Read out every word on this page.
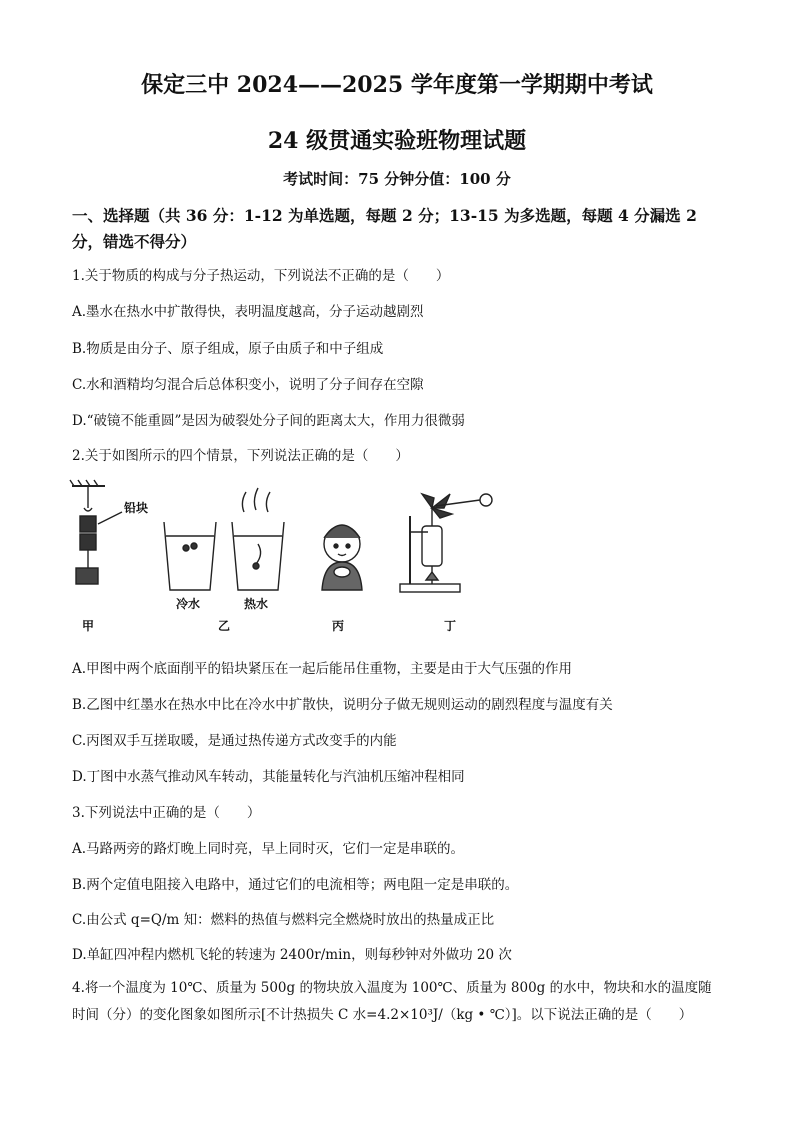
保定三中 2024——2025 学年度第一学期期中考试
24 级贯通实验班物理试题
考试时间：75 分钟分值：100 分
一、选择题（共 36 分：1-12 为单选题，每题 2 分；13-15 为多选题，每题 4 分漏选 2 分，错选不得分）
1.关于物质的构成与分子热运动，下列说法不正确的是（　　）
A.墨水在热水中扩散得快，表明温度越高，分子运动越剧烈
B.物质是由分子、原子组成，原子由质子和中子组成
C.水和酒精均匀混合后总体积变小，说明了分子间存在空隙
D.“破镜不能重圆”是因为破裂处分子间的距离太大，作用力很微弱
2.关于如图所示的四个情景，下列说法正确的是（　　）
铅块
甲
冷水	热水
乙	丙	丁
A.甲图中两个底面削平的铅块紧压在一起后能吊住重物，主要是由于大气压强的作用
B.乙图中红墨水在热水中比在冷水中扩散快，说明分子做无规则运动的剧烈程度与温度有关
C.丙图双手互搓取暖，是通过热传递方式改变手的内能
D.丁图中水蒸气推动风车转动，其能量转化与汽油机压缩冲程相同
3.下列说法中正确的是（　　）
A.马路两旁的路灯晚上同时亮，早上同时灭，它们一定是串联的。
B.两个定值电阻接入电路中，通过它们的电流相等；两电阻一定是串联的。
C.由公式 q=Q/m 知：燃料的热值与燃料完全燃烧时放出的热量成正比
D.单缸四冲程内燃机飞轮的转速为 2400r/min，则每秒钟对外做功 20 次
4.将一个温度为 10℃、质量为 500g 的物块放入温度为 100℃、质量为 800g 的水中，物块和水的温度随时间（分）的变化图象如图所示[不计热损失 C 水=4.2×10³J/（kg • ℃）]。以下说法正确的是（　　）
